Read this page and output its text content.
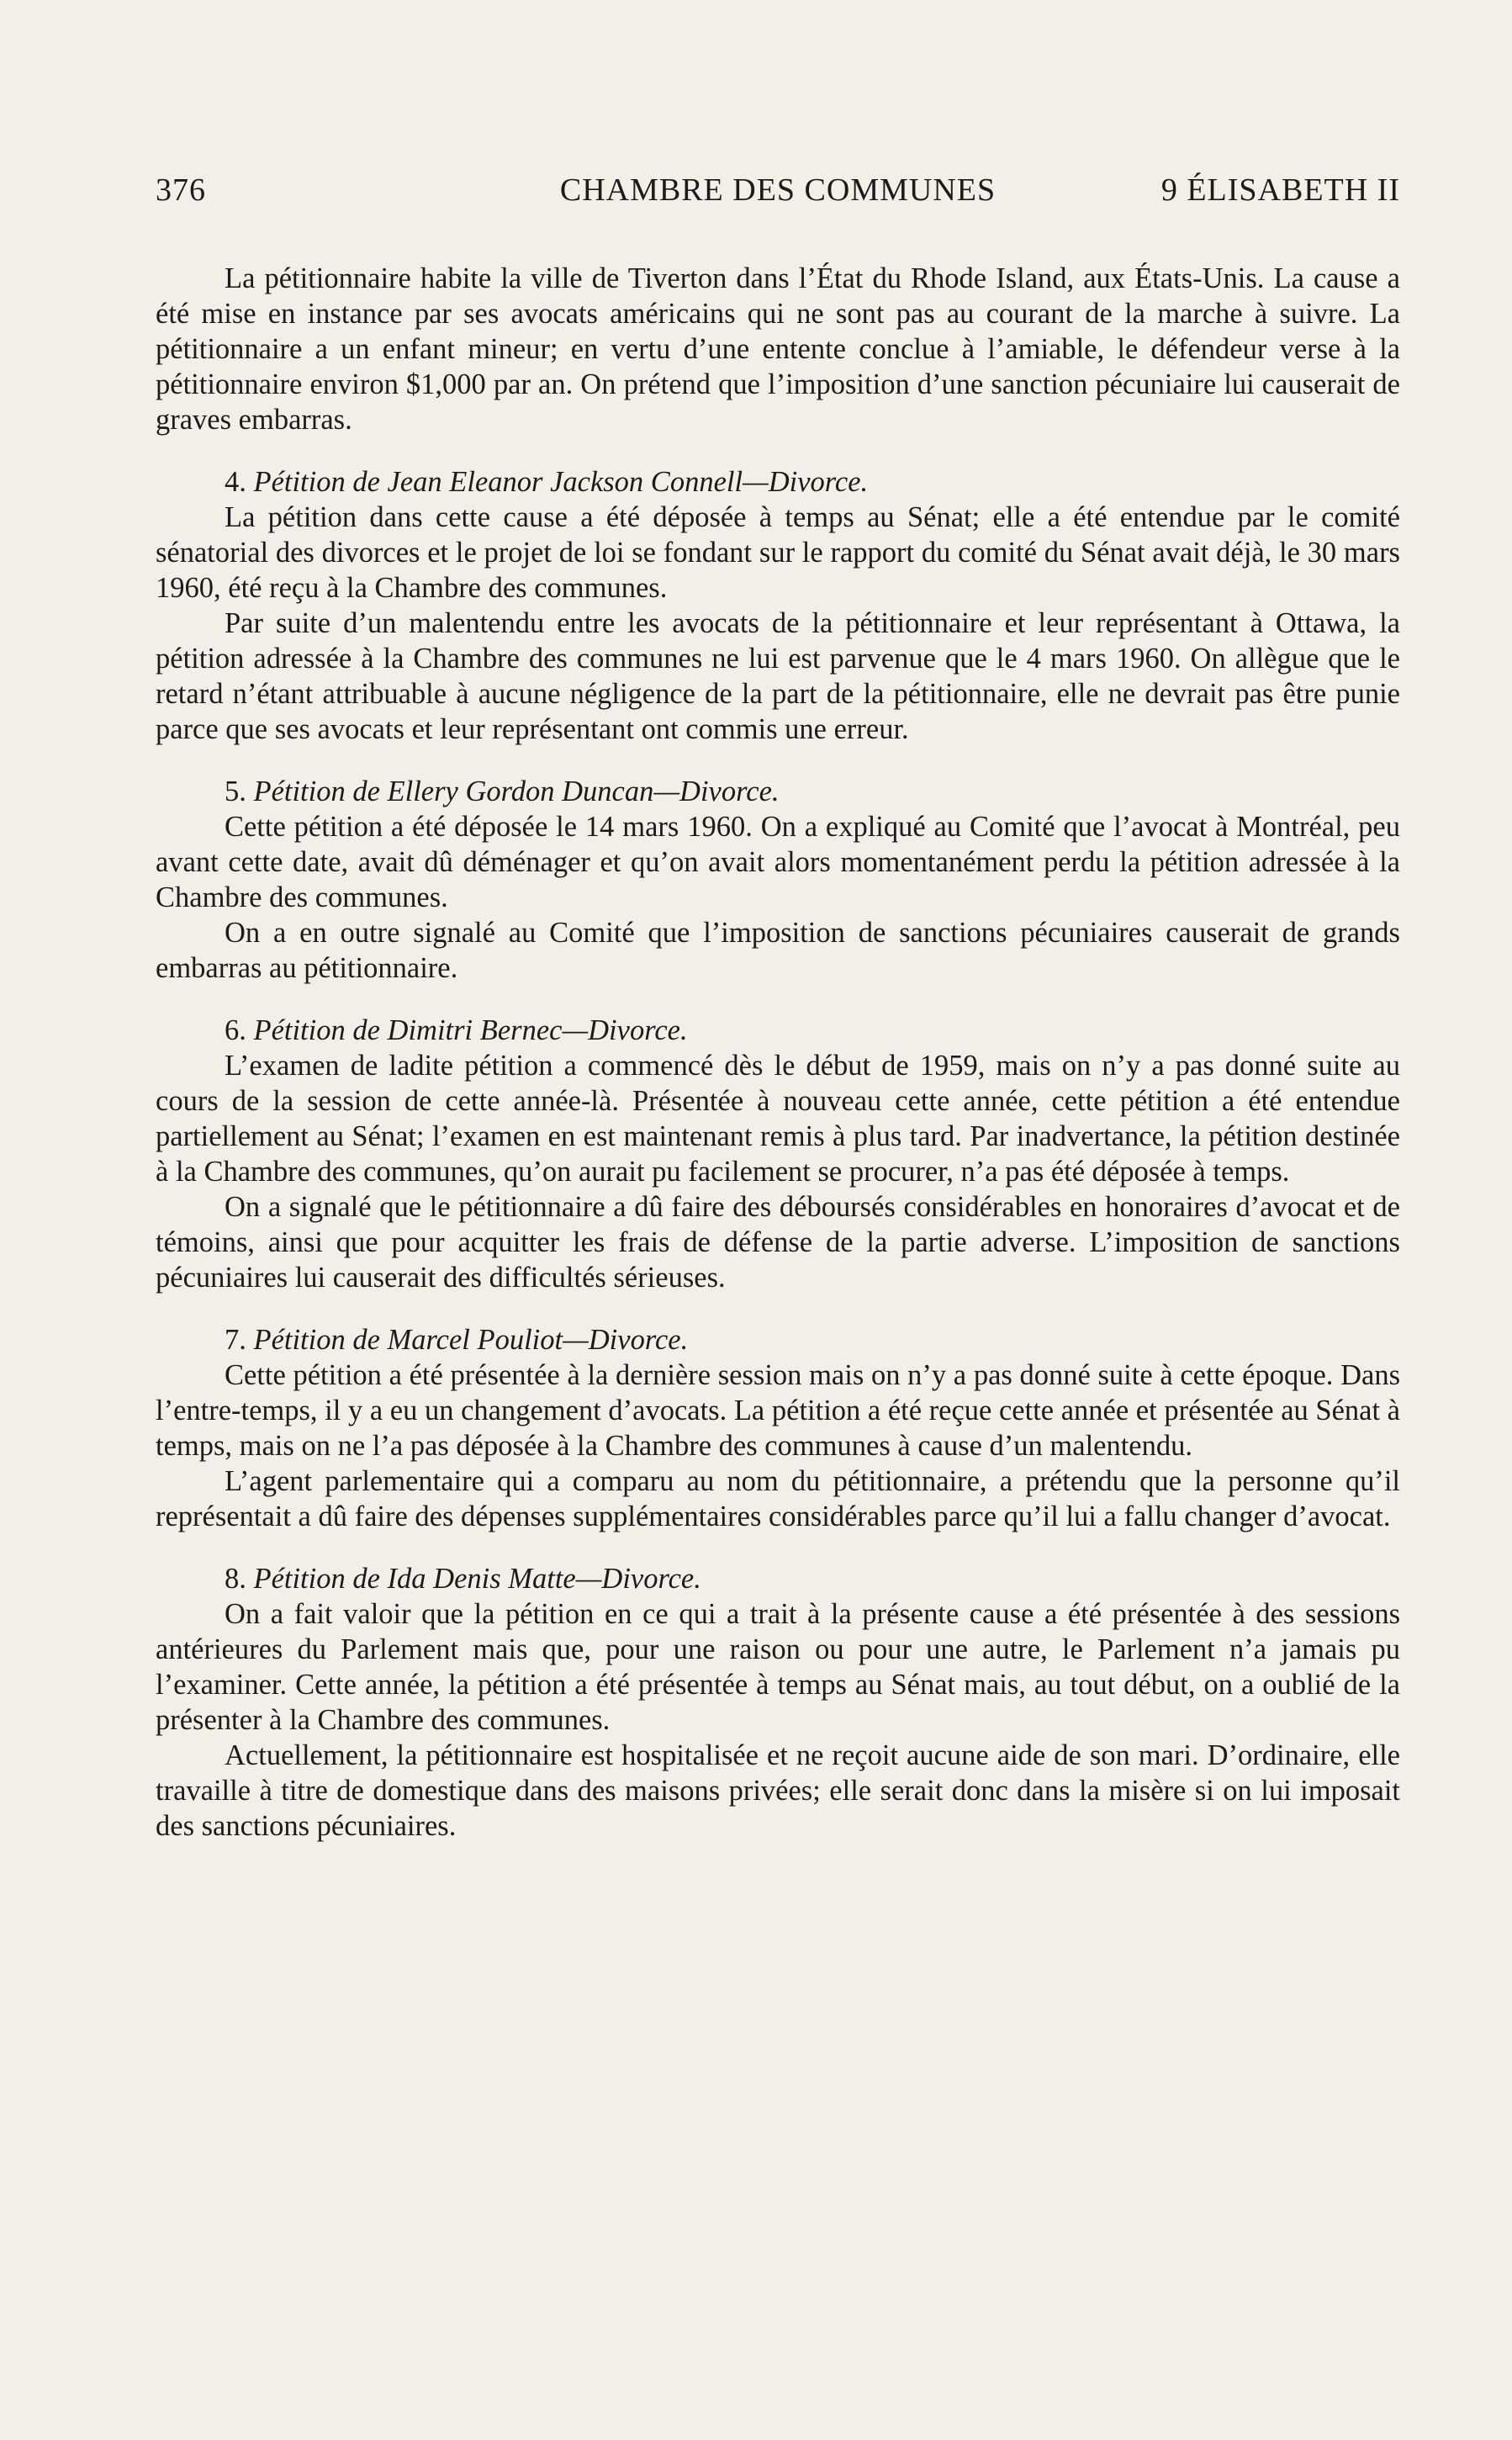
376	CHAMBRE DES COMMUNES	9 ÉLISABETH II

La pétitionnaire habite la ville de Tiverton dans l’État du Rhode Island, aux États-Unis. La cause a été mise en instance par ses avocats américains qui ne sont pas au courant de la marche à suivre. La pétitionnaire a un enfant mineur; en vertu d’une entente conclue à l’amiable, le défendeur verse à la pétitionnaire environ $1,000 par an. On prétend que l’imposition d’une sanction pécuniaire lui causerait de graves embarras.

4. Pétition de Jean Eleanor Jackson Connell—Divorce.

La pétition dans cette cause a été déposée à temps au Sénat; elle a été entendue par le comité sénatorial des divorces et le projet de loi se fondant sur le rapport du comité du Sénat avait déjà, le 30 mars 1960, été reçu à la Chambre des communes.

Par suite d’un malentendu entre les avocats de la pétitionnaire et leur représentant à Ottawa, la pétition adressée à la Chambre des communes ne lui est parvenue que le 4 mars 1960. On allègue que le retard n’étant attribuable à aucune négligence de la part de la pétitionnaire, elle ne devrait pas être punie parce que ses avocats et leur représentant ont commis une erreur.

5. Pétition de Ellery Gordon Duncan—Divorce.

Cette pétition a été déposée le 14 mars 1960. On a expliqué au Comité que l’avocat à Montréal, peu avant cette date, avait dû déménager et qu’on avait alors momentanément perdu la pétition adressée à la Chambre des communes.

On a en outre signalé au Comité que l’imposition de sanctions pécuniaires causerait de grands embarras au pétitionnaire.

6. Pétition de Dimitri Bernec—Divorce.

L’examen de ladite pétition a commencé dès le début de 1959, mais on n’y a pas donné suite au cours de la session de cette année-là. Présentée à nouveau cette année, cette pétition a été entendue partiellement au Sénat; l’examen en est maintenant remis à plus tard. Par inadvertance, la pétition destinée à la Chambre des communes, qu’on aurait pu facilement se procurer, n’a pas été déposée à temps.

On a signalé que le pétitionnaire a dû faire des déboursés considérables en honoraires d’avocat et de témoins, ainsi que pour acquitter les frais de défense de la partie adverse. L’imposition de sanctions pécuniaires lui causerait des difficultés sérieuses.

7. Pétition de Marcel Pouliot—Divorce.

Cette pétition a été présentée à la dernière session mais on n’y a pas donné suite à cette époque. Dans l’entre-temps, il y a eu un changement d’avocats. La pétition a été reçue cette année et présentée au Sénat à temps, mais on ne l’a pas déposée à la Chambre des communes à cause d’un malentendu.

L’agent parlementaire qui a comparu au nom du pétitionnaire, a prétendu que la personne qu’il représentait a dû faire des dépenses supplémentaires considérables parce qu’il lui a fallu changer d’avocat.

8. Pétition de Ida Denis Matte—Divorce.

On a fait valoir que la pétition en ce qui a trait à la présente cause a été présentée à des sessions antérieures du Parlement mais que, pour une raison ou pour une autre, le Parlement n’a jamais pu l’examiner. Cette année, la pétition a été présentée à temps au Sénat mais, au tout début, on a oublié de la présenter à la Chambre des communes.

Actuellement, la pétitionnaire est hospitalisée et ne reçoit aucune aide de son mari. D’ordinaire, elle travaille à titre de domestique dans des maisons privées; elle serait donc dans la misère si on lui imposait des sanctions pécuniaires.
